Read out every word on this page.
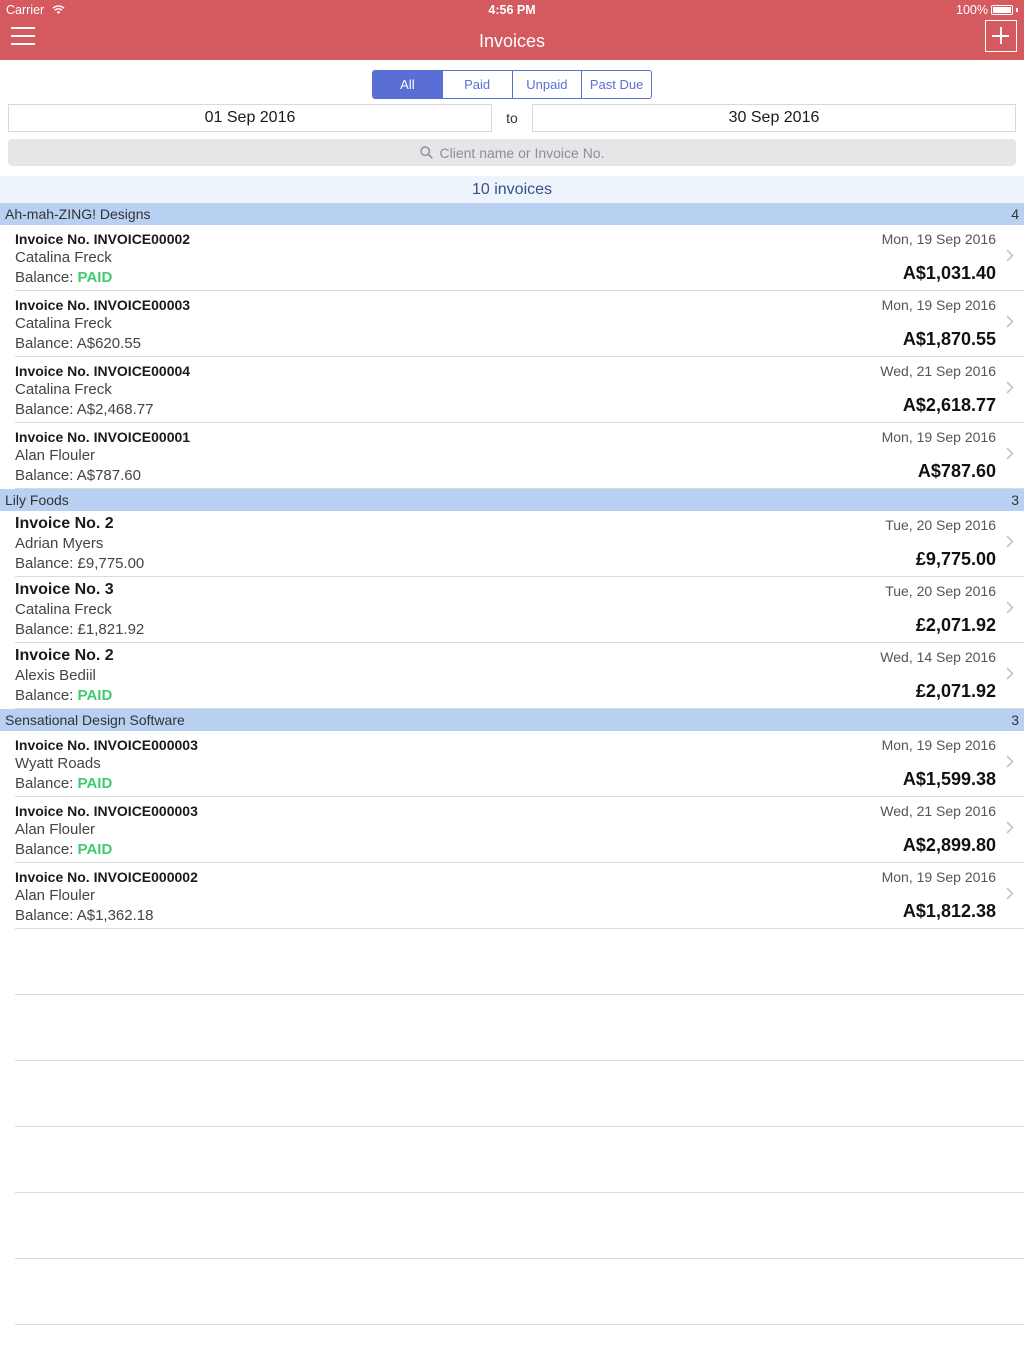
Carrier	4:56 PM	100%
Invoices
All	Paid	Unpaid	Past Due
01 Sep 2016	to	30 Sep 2016
Client name or Invoice No.
10 invoices
Ah-mah-ZING! Designs	4
Invoice No. INVOICE00002
Catalina Freck
Balance: PAID
Mon, 19 Sep 2016
A$1,031.40
Invoice No. INVOICE00003
Catalina Freck
Balance: A$620.55
Mon, 19 Sep 2016
A$1,870.55
Invoice No. INVOICE00004
Catalina Freck
Balance: A$2,468.77
Wed, 21 Sep 2016
A$2,618.77
Invoice No. INVOICE00001
Alan Flouler
Balance: A$787.60
Mon, 19 Sep 2016
A$787.60
Lily Foods	3
Invoice No. 2
Adrian Myers
Balance: £9,775.00
Tue, 20 Sep 2016
£9,775.00
Invoice No. 3
Catalina Freck
Balance: £1,821.92
Tue, 20 Sep 2016
£2,071.92
Invoice No. 2
Alexis Bediil
Balance: PAID
Wed, 14 Sep 2016
£2,071.92
Sensational Design Software	3
Invoice No. INVOICE000003
Wyatt Roads
Balance: PAID
Mon, 19 Sep 2016
A$1,599.38
Invoice No. INVOICE000003
Alan Flouler
Balance: PAID
Wed, 21 Sep 2016
A$2,899.80
Invoice No. INVOICE000002
Alan Flouler
Balance: A$1,362.18
Mon, 19 Sep 2016
A$1,812.38
